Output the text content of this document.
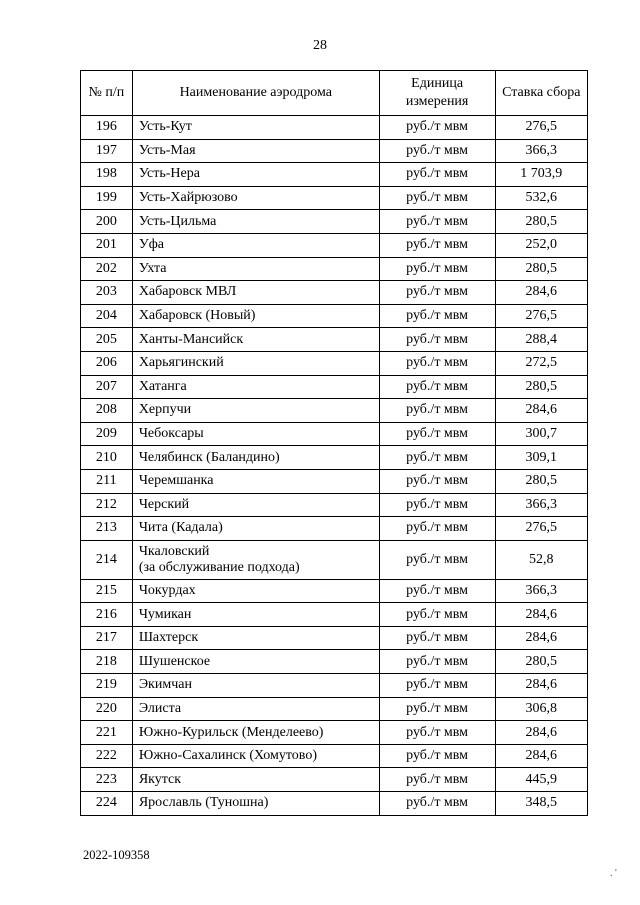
28
№ п/п	Наименование аэродрома	Единица измерения	Ставка сбора
196	Усть-Кут	руб./т мвм	276,5
197	Усть-Мая	руб./т мвм	366,3
198	Усть-Нера	руб./т мвм	1 703,9
199	Усть-Хайрюзово	руб./т мвм	532,6
200	Усть-Цильма	руб./т мвм	280,5
201	Уфа	руб./т мвм	252,0
202	Ухта	руб./т мвм	280,5
203	Хабаровск МВЛ	руб./т мвм	284,6
204	Хабаровск (Новый)	руб./т мвм	276,5
205	Ханты-Мансийск	руб./т мвм	288,4
206	Харьягинский	руб./т мвм	272,5
207	Хатанга	руб./т мвм	280,5
208	Херпучи	руб./т мвм	284,6
209	Чебоксары	руб./т мвм	300,7
210	Челябинск (Баландино)	руб./т мвм	309,1
211	Черемшанка	руб./т мвм	280,5
212	Черский	руб./т мвм	366,3
213	Чита (Кадала)	руб./т мвм	276,5
214	Чкаловский
(за обслуживание подхода)	руб./т мвм	52,8
215	Чокурдах	руб./т мвм	366,3
216	Чумикан	руб./т мвм	284,6
217	Шахтерск	руб./т мвм	284,6
218	Шушенское	руб./т мвм	280,5
219	Экимчан	руб./т мвм	284,6
220	Элиста	руб./т мвм	306,8
221	Южно-Курильск (Менделеево)	руб./т мвм	284,6
222	Южно-Сахалинск (Хомутово)	руб./т мвм	284,6
223	Якутск	руб./т мвм	445,9
224	Ярославль (Туношна)	руб./т мвм	348,5
2022-109358
. '
